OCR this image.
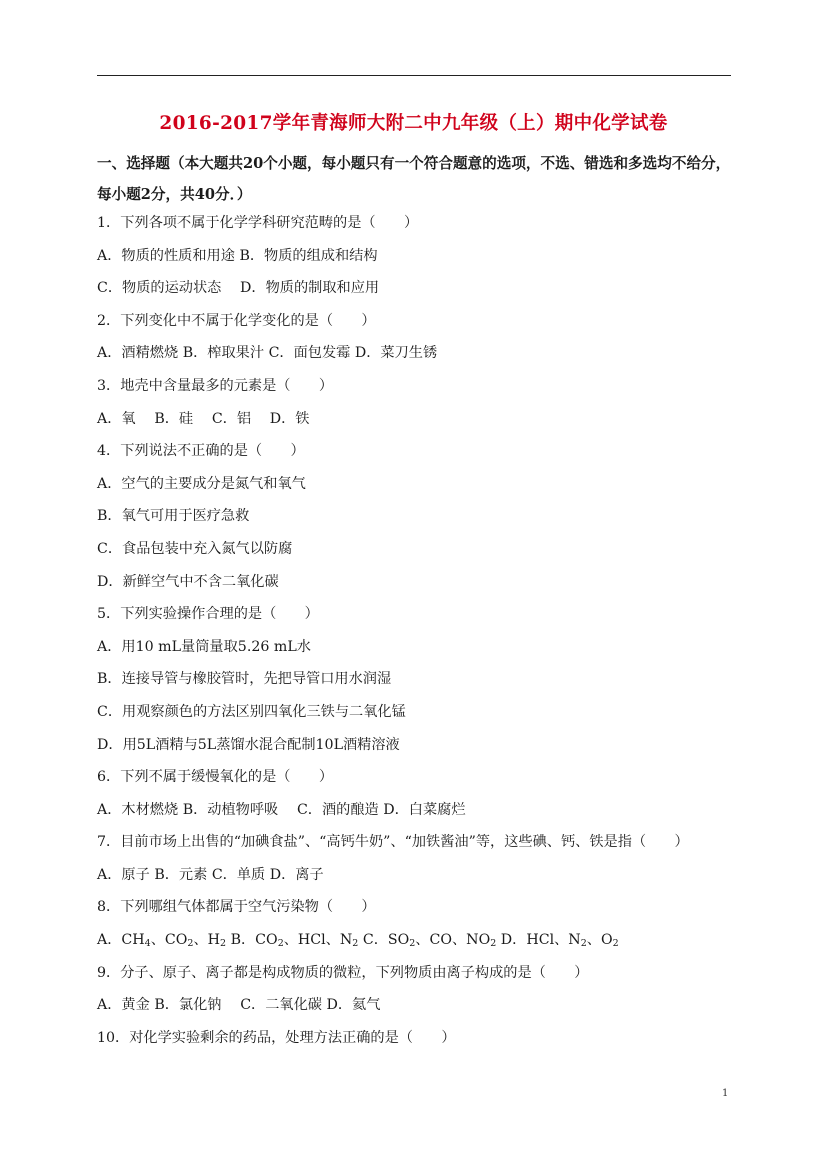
2016-2017学年青海师大附二中九年级（上）期中化学试卷
一、选择题（本大题共20个小题，每小题只有一个符合题意的选项，不选、错选和多选均不给分，
每小题2分，共40分．）
1．下列各项不属于化学学科研究范畴的是（　　）
A．物质的性质和用途 B．物质的组成和结构
C．物质的运动状态　 D．物质的制取和应用
2．下列变化中不属于化学变化的是（　　）
A．酒精燃烧 B．榨取果汁 C．面包发霉 D．菜刀生锈
3．地壳中含量最多的元素是（　　）
A．氧　 B．硅　 C．铝　 D．铁
4．下列说法不正确的是（　　）
A．空气的主要成分是氮气和氧气
B．氧气可用于医疗急救
C．食品包装中充入氮气以防腐
D．新鲜空气中不含二氧化碳
5．下列实验操作合理的是（　　）
A．用10 mL量筒量取5.26 mL水
B．连接导管与橡胶管时，先把导管口用水润湿
C．用观察颜色的方法区别四氧化三铁与二氧化锰
D．用5L酒精与5L蒸馏水混合配制10L酒精溶液
6．下列不属于缓慢氧化的是（　　）
A．木材燃烧 B．动植物呼吸　 C．酒的酿造 D．白菜腐烂
7．目前市场上出售的“加碘食盐”、“高钙牛奶”、“加铁酱油”等，这些碘、钙、铁是指（　　）
A．原子 B．元素 C．单质 D．离子
8．下列哪组气体都属于空气污染物（　　）
A．$CH_4$、$CO_2$、$H_2$ B．$CO_2$、HCl、$N_2$ C．$SO_2$、CO、$NO_2$ D．HCl、$N_2$、$O_2$
9．分子、原子、离子都是构成物质的微粒，下列物质由离子构成的是（　　）
A．黄金 B．氯化钠　 C．二氧化碳 D．氦气
10．对化学实验剩余的药品，处理方法正确的是（　　）
1
